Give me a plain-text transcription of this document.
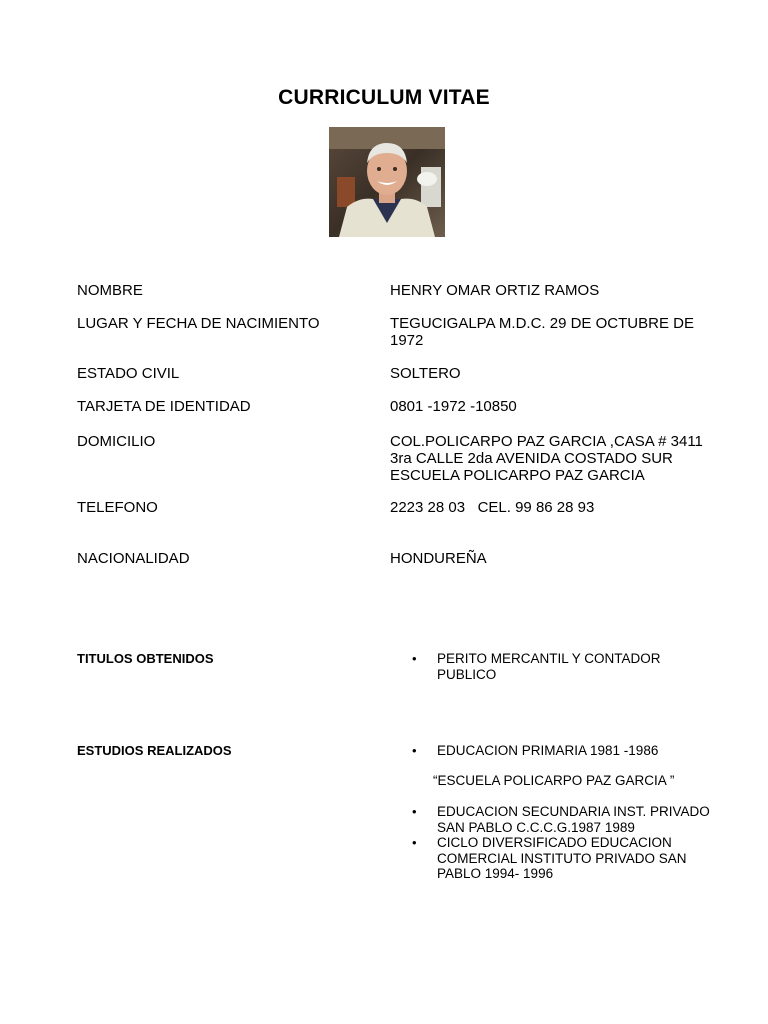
CURRICULUM VITAE
NOMBRE	HENRY OMAR ORTIZ RAMOS
LUGAR Y FECHA DE NACIMIENTO	TEGUCIGALPA M.D.C. 29 DE OCTUBRE DE
1972
ESTADO CIVIL	SOLTERO
TARJETA DE IDENTIDAD	0801 -1972 -10850
DOMICILIO	COL.POLICARPO PAZ GARCIA ,CASA # 3411
3ra CALLE 2da AVENIDA COSTADO SUR
ESCUELA POLICARPO PAZ GARCIA
TELEFONO	2223 28 03   CEL. 99 86 28 93
NACIONALIDAD	HONDUREÑA
TITULOS OBTENIDOS	• PERITO MERCANTIL Y CONTADOR
PUBLICO
ESTUDIOS REALIZADOS	• EDUCACION PRIMARIA 1981 -1986
“ESCUELA POLICARPO PAZ GARCIA ”
• EDUCACION SECUNDARIA INST. PRIVADO
SAN PABLO C.C.C.G.1987 1989
• CICLO DIVERSIFICADO EDUCACION
COMERCIAL INSTITUTO PRIVADO SAN
PABLO 1994- 1996
